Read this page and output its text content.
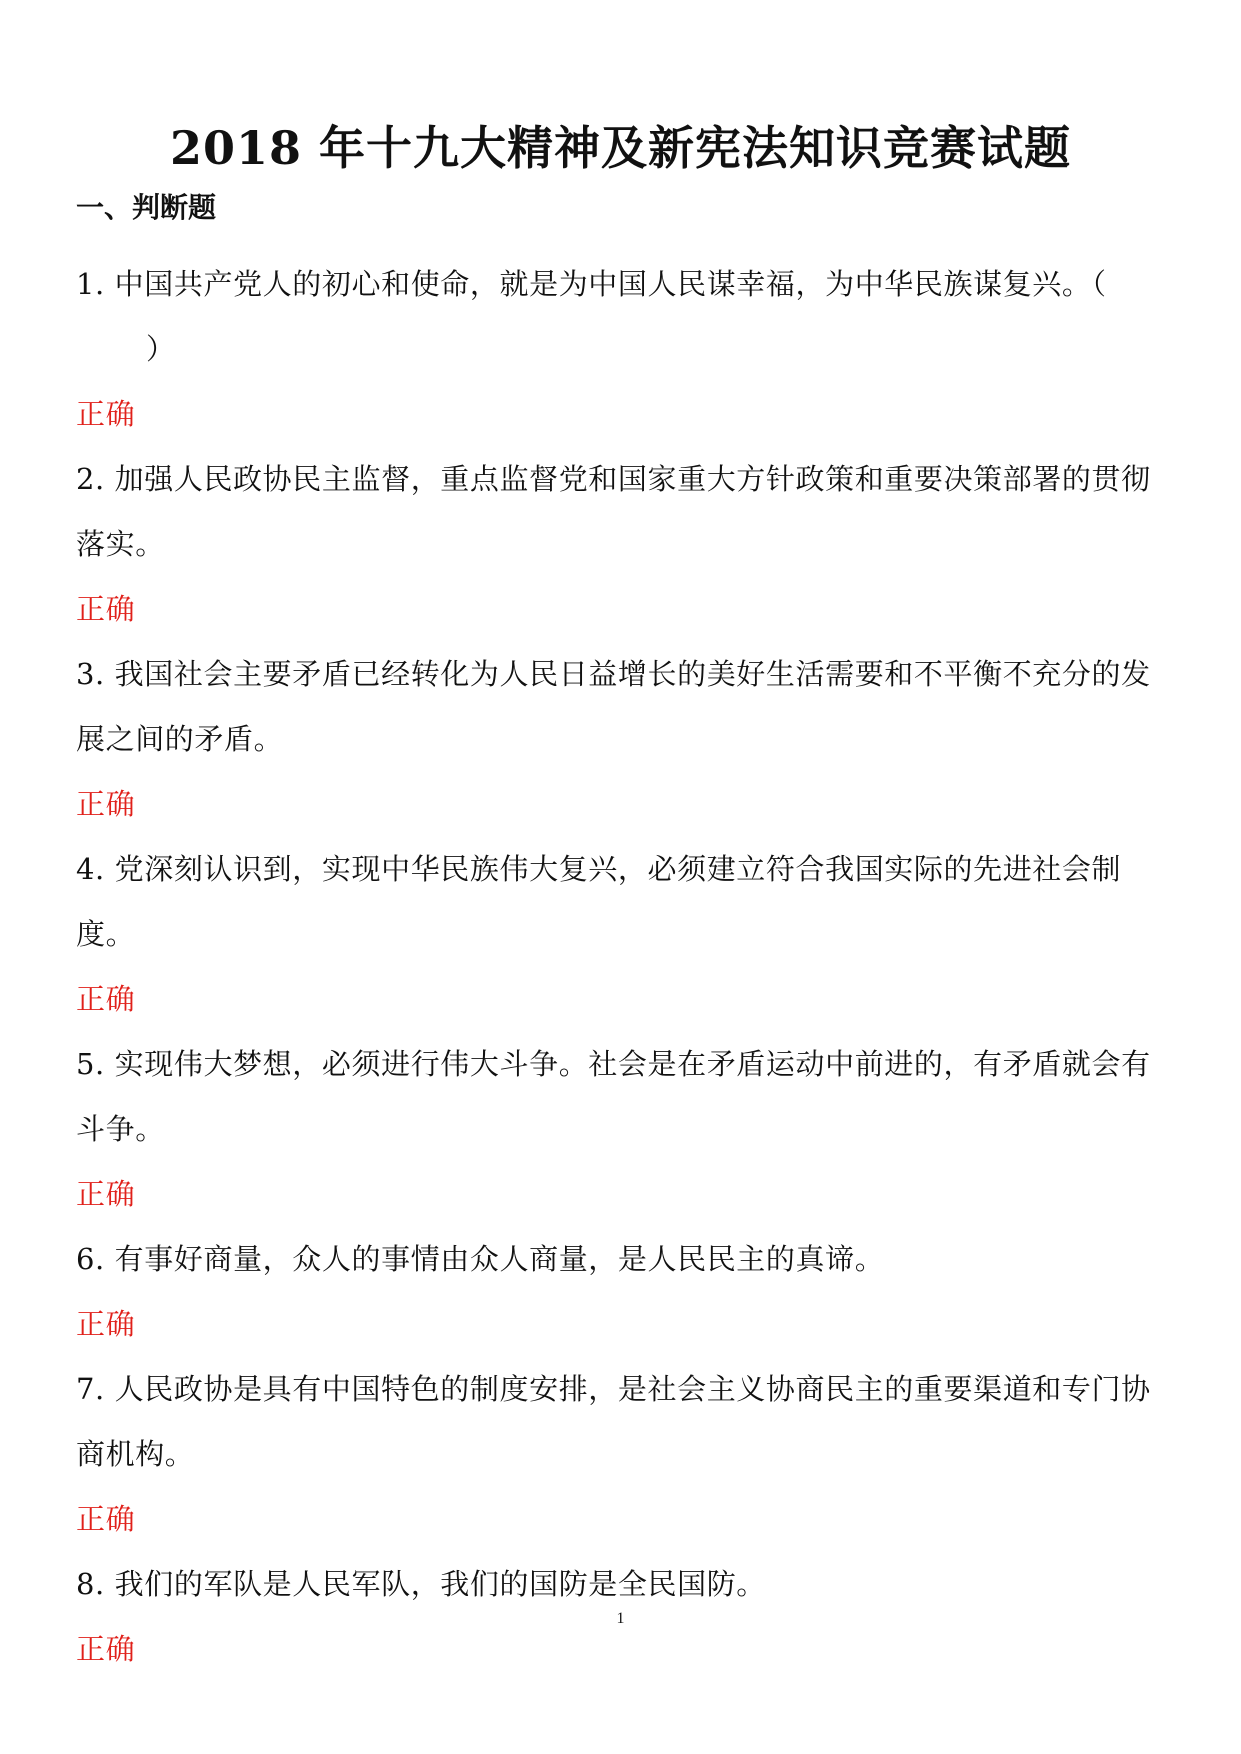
2018 年十九大精神及新宪法知识竞赛试题
一、判断题

1. 中国共产党人的初心和使命，就是为中国人民谋幸福，为中华民族谋复兴。（）

正确

2. 加强人民政协民主监督，重点监督党和国家重大方针政策和重要决策部署的贯彻落实。

正确

3. 我国社会主要矛盾已经转化为人民日益增长的美好生活需要和不平衡不充分的发展之间的矛盾。

正确

4. 党深刻认识到，实现中华民族伟大复兴，必须建立符合我国实际的先进社会制度。

正确

5. 实现伟大梦想，必须进行伟大斗争。社会是在矛盾运动中前进的，有矛盾就会有斗争。

正确

6. 有事好商量，众人的事情由众人商量，是人民民主的真谛。

正确

7. 人民政协是具有中国特色的制度安排，是社会主义协商民主的重要渠道和专门协商机构。

正确

8. 我们的军队是人民军队，我们的国防是全民国防。

正确

1
